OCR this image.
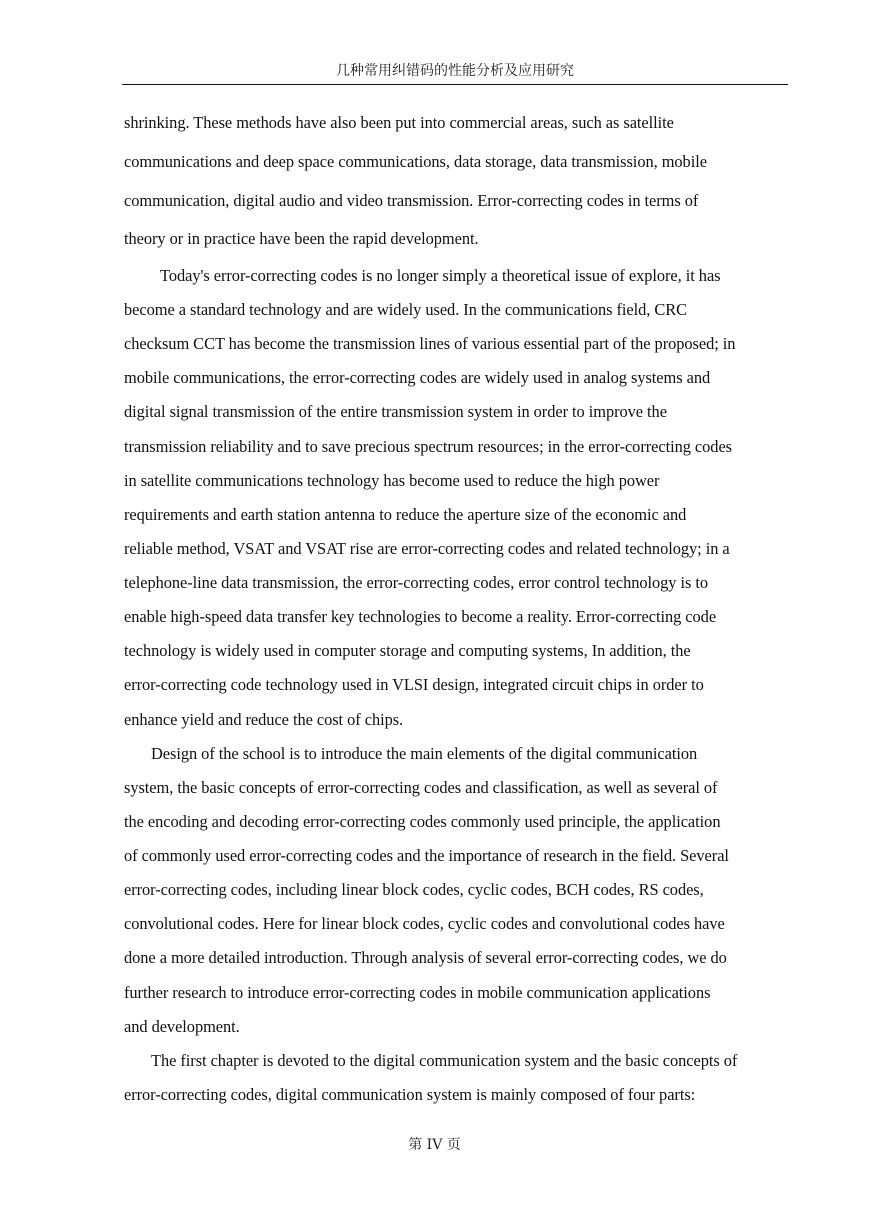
几种常用纠错码的性能分析及应用研究
shrinking. These methods have also been put into commercial areas, such as satellite
communications and deep space communications, data storage, data transmission, mobile
communication, digital audio and video transmission. Error-correcting codes in terms of
theory or in practice have been the rapid development.
Today's error-correcting codes is no longer simply a theoretical issue of explore, it has
become a standard technology and are widely used. In the communications field, CRC
checksum CCT has become the transmission lines of various essential part of the proposed; in
mobile communications, the error-correcting codes are widely used in analog systems and
digital signal transmission of the entire transmission system in order to improve the
transmission reliability and to save precious spectrum resources; in the error-correcting codes
in satellite communications technology has become used to reduce the high power
requirements and earth station antenna to reduce the aperture size of the economic and
reliable method, VSAT and VSAT rise are error-correcting codes and related technology; in a
telephone-line data transmission, the error-correcting codes, error control technology is to
enable high-speed data transfer key technologies to become a reality. Error-correcting code
technology is widely used in computer storage and computing systems, In addition, the
error-correcting code technology used in VLSI design, integrated circuit chips in order to
enhance yield and reduce the cost of chips.
Design of the school is to introduce the main elements of the digital communication
system, the basic concepts of error-correcting codes and classification, as well as several of
the encoding and decoding error-correcting codes commonly used principle, the application
of commonly used error-correcting codes and the importance of research in the field. Several
error-correcting codes, including linear block codes, cyclic codes, BCH codes, RS codes,
convolutional codes. Here for linear block codes, cyclic codes and convolutional codes have
done a more detailed introduction. Through analysis of several error-correcting codes, we do
further research to introduce error-correcting codes in mobile communication applications
and development.
The first chapter is devoted to the digital communication system and the basic concepts of
error-correcting codes, digital communication system is mainly composed of four parts:
第 IV 页
